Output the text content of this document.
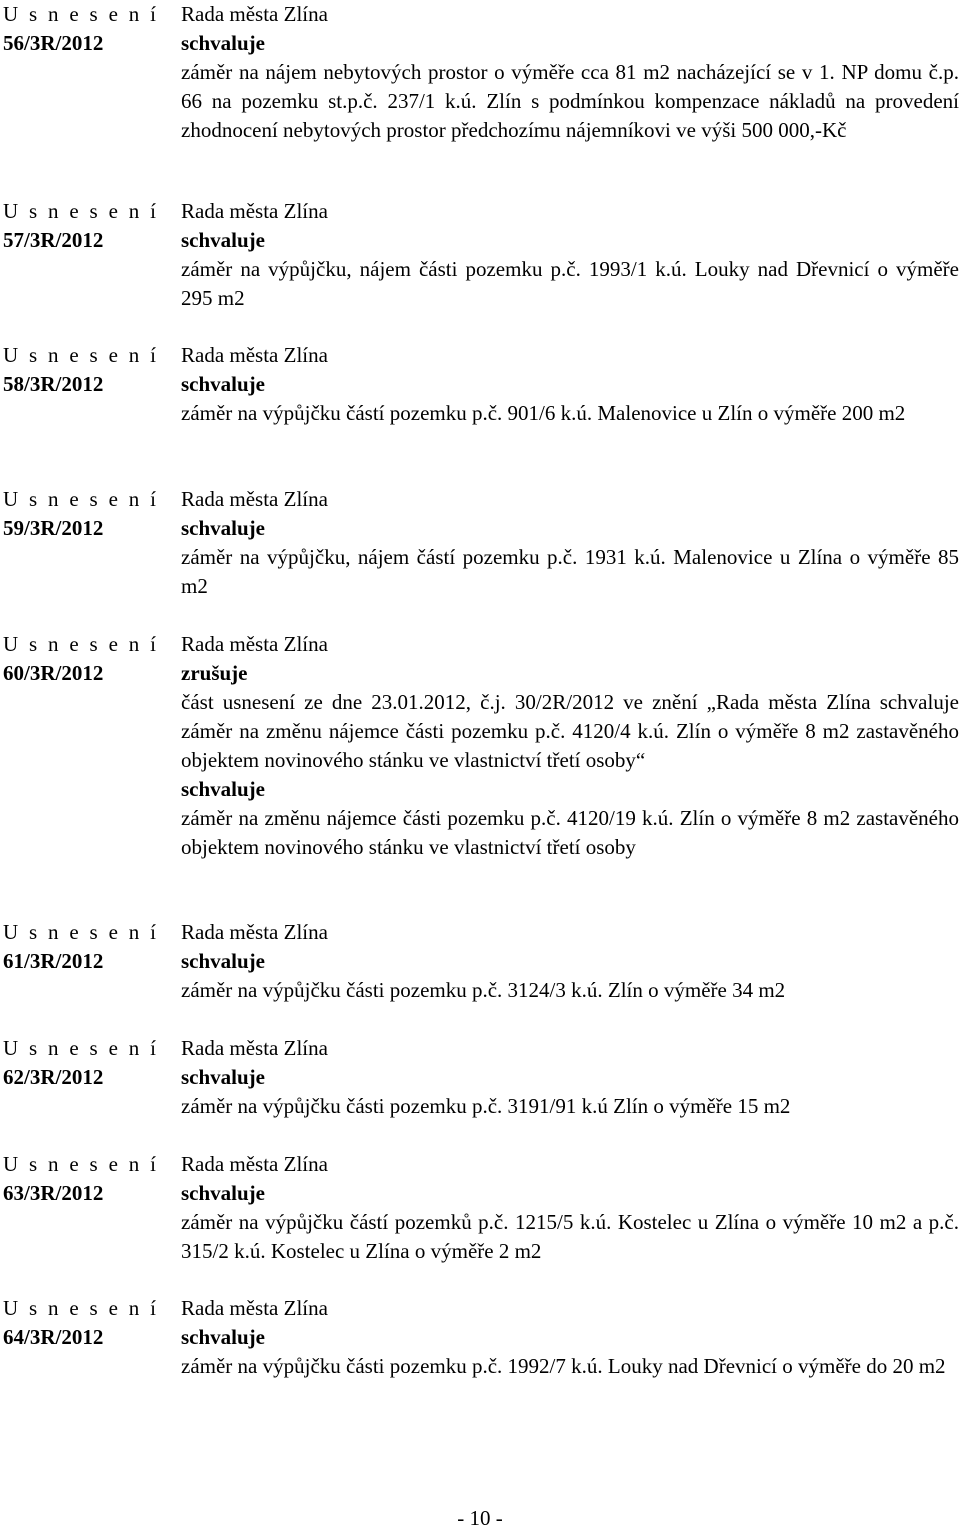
U s n e s e n í
56/3R/2012
Rada města Zlína
schvaluje
záměr na nájem nebytových prostor o výměře cca 81 m2 nacházející se v 1. NP domu č.p. 66 na pozemku st.p.č. 237/1 k.ú. Zlín s podmínkou kompenzace nákladů na provedení zhodnocení nebytových prostor předchozímu nájemníkovi ve výši 500 000,-Kč
U s n e s e n í
57/3R/2012
Rada města Zlína
schvaluje
záměr na výpůjčku, nájem části pozemku p.č. 1993/1 k.ú. Louky nad Dřevnicí o výměře 295 m2
U s n e s e n í
58/3R/2012
Rada města Zlína
schvaluje
záměr na výpůjčku částí pozemku p.č. 901/6 k.ú. Malenovice u Zlín o výměře 200 m2
U s n e s e n í
59/3R/2012
Rada města Zlína
schvaluje
záměr na výpůjčku, nájem částí pozemku p.č. 1931 k.ú. Malenovice u Zlína o výměře 85 m2
U s n e s e n í
60/3R/2012
Rada města Zlína
zrušuje
část usnesení ze dne 23.01.2012, č.j. 30/2R/2012 ve znění „Rada města Zlína schvaluje záměr na změnu nájemce části pozemku p.č. 4120/4 k.ú. Zlín o výměře 8 m2 zastavěného objektem novinového stánku ve vlastnictví třetí osoby“
schvaluje
záměr na změnu nájemce části pozemku p.č. 4120/19 k.ú. Zlín o výměře 8 m2 zastavěného objektem novinového stánku ve vlastnictví třetí osoby
U s n e s e n í
61/3R/2012
Rada města Zlína
schvaluje
záměr na výpůjčku části pozemku p.č. 3124/3 k.ú. Zlín o výměře 34 m2
U s n e s e n í
62/3R/2012
Rada města Zlína
schvaluje
záměr na výpůjčku části pozemku p.č. 3191/91 k.ú Zlín o výměře 15 m2
U s n e s e n í
63/3R/2012
Rada města Zlína
schvaluje
záměr na výpůjčku částí pozemků p.č. 1215/5 k.ú. Kostelec u Zlína o výměře 10 m2 a p.č. 315/2 k.ú. Kostelec u Zlína o výměře 2 m2
U s n e s e n í
64/3R/2012
Rada města Zlína
schvaluje
záměr na výpůjčku části pozemku p.č. 1992/7 k.ú. Louky nad Dřevnicí o výměře do 20 m2
- 10 -
